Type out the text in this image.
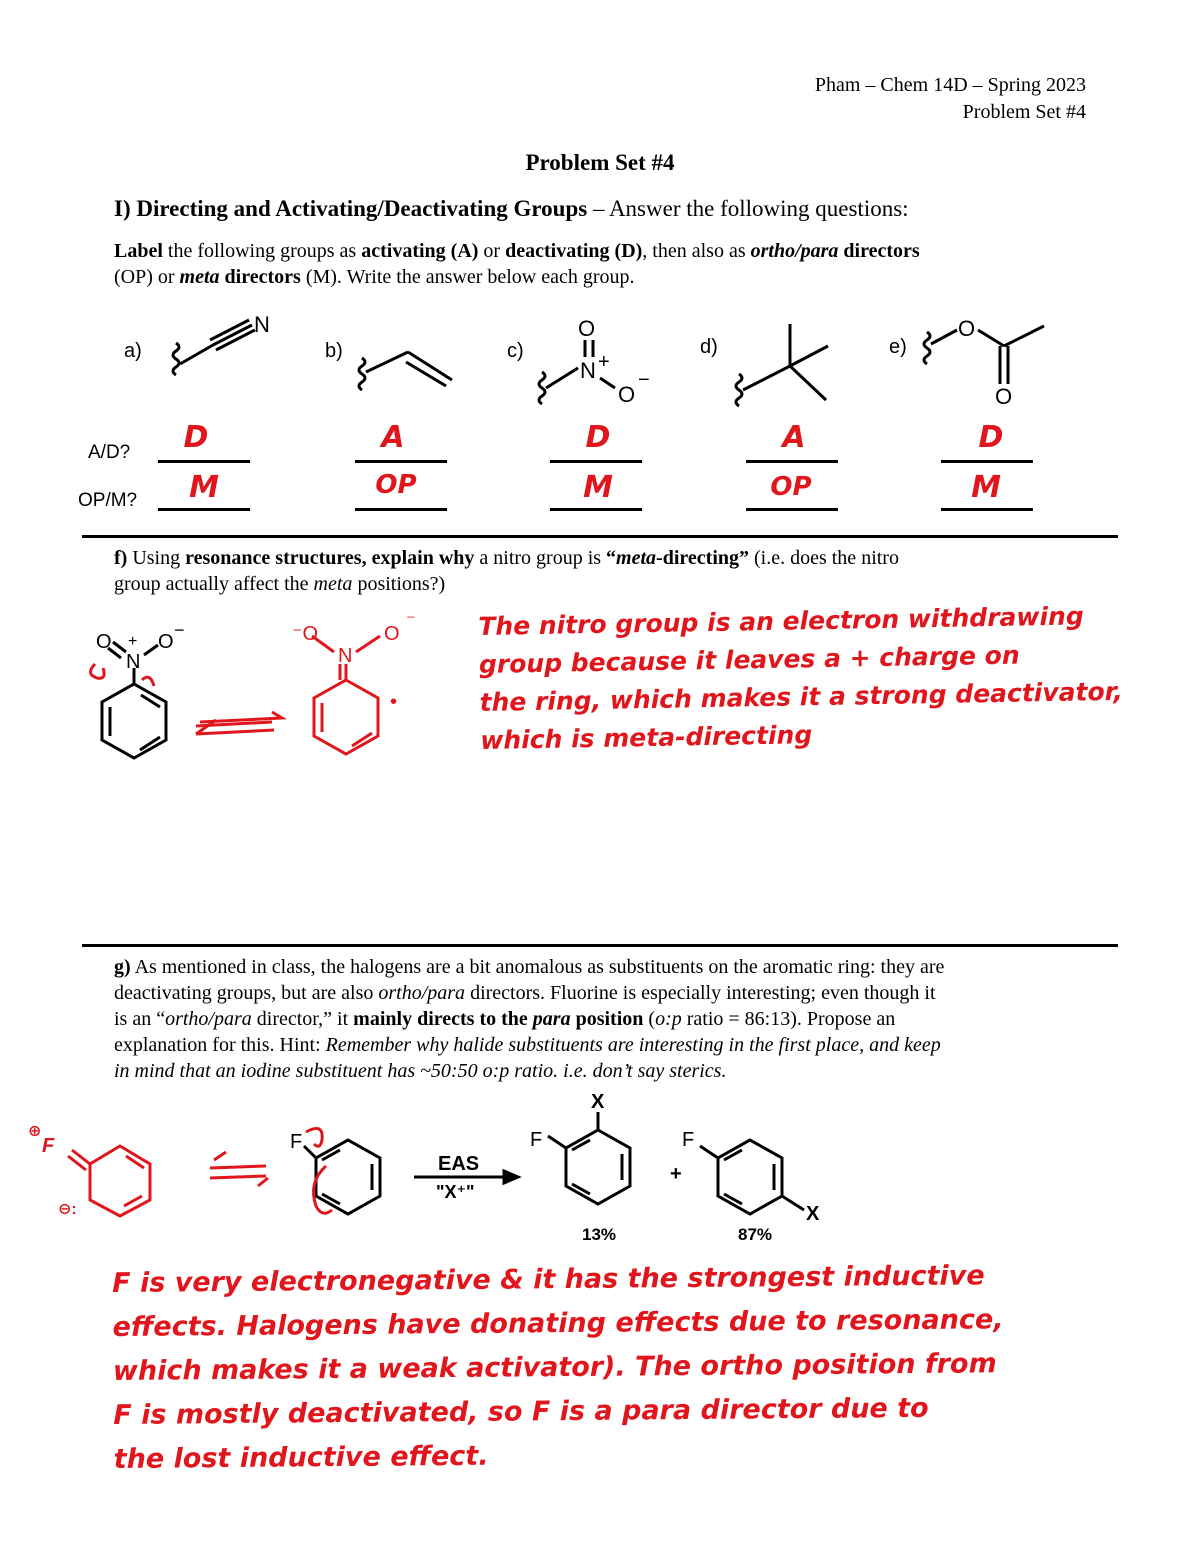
Pham – Chem 14D – Spring 2023
Problem Set #4
Problem Set #4
I) Directing and Activating/Deactivating Groups – Answer the following questions:
Label the following groups as activating (A) or deactivating (D), then also as ortho/para directors
(OP) or meta directors (M). Write the answer below each group.
N	O
N +
O
−
O
O
a)	b)	c)	d)	e)
A/D?
OP/M?
D	A	D	A	D
M	OP	M	OP	M
f) Using resonance structures, explain why a nitro group is “meta-directing” (i.e. does the nitro
group actually affect the meta positions?)
O
N
+ O
−	⁻O
N
O
⁻
•
The nitro group is an electron withdrawing
group because it leaves a + charge on
the ring, which makes it a strong deactivator,
which is meta-directing
g) As mentioned in class, the halogens are a bit anomalous as substituents on the aromatic ring: they are
deactivating groups, but are also ortho/para directors. Fluorine is especially interesting; even though it
is an “ortho/para director,” it mainly directs to the para position (o:p ratio = 86:13). Propose an
explanation for this. Hint: Remember why halide substituents are interesting in the first place, and keep
in mind that an iodine substituent has ~50:50 o:p ratio. i.e. don’t say sterics.
F
EAS
"X⁺"
X
F
+
F
X
13%	87%
⊕
F
⊖:
F is very electronegative & it has the strongest inductive
effects. Halogens have donating effects due to resonance,
which makes it a weak activator). The ortho position from
F is mostly deactivated, so F is a para director due to
the lost inductive effect.
